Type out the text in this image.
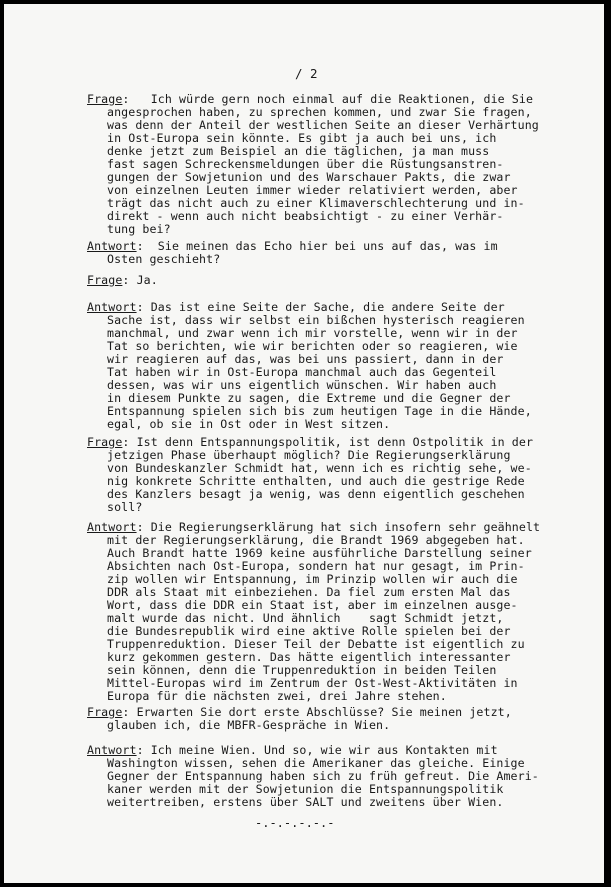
/ 2
Frage:   Ich würde gern noch einmal auf die Reaktionen, die Sie
angesprochen haben, zu sprechen kommen, und zwar Sie fragen,
was denn der Anteil der westlichen Seite an dieser Verhärtung
in Ost-Europa sein könnte. Es gibt ja auch bei uns, ich
denke jetzt zum Beispiel an die täglichen, ja man muss
fast sagen Schreckensmeldungen über die Rüstungsanstren-
gungen der Sowjetunion und des Warschauer Pakts, die zwar
von einzelnen Leuten immer wieder relativiert werden, aber
trägt das nicht auch zu einer Klimaverschlechterung und in-
direkt - wenn auch nicht beabsichtigt - zu einer Verhär-
tung bei?
Antwort:  Sie meinen das Echo hier bei uns auf das, was im
Osten geschieht?
Frage: Ja.
Antwort: Das ist eine Seite der Sache, die andere Seite der
Sache ist, dass wir selbst ein bißchen hysterisch reagieren
manchmal, und zwar wenn ich mir vorstelle, wenn wir in der
Tat so berichten, wie wir berichten oder so reagieren, wie
wir reagieren auf das, was bei uns passiert, dann in der
Tat haben wir in Ost-Europa manchmal auch das Gegenteil
dessen, was wir uns eigentlich wünschen. Wir haben auch
in diesem Punkte zu sagen, die Extreme und die Gegner der
Entspannung spielen sich bis zum heutigen Tage in die Hände,
egal, ob sie in Ost oder in West sitzen.
Frage: Ist denn Entspannungspolitik, ist denn Ostpolitik in der
jetzigen Phase überhaupt möglich? Die Regierungserklärung
von Bundeskanzler Schmidt hat, wenn ich es richtig sehe, we-
nig konkrete Schritte enthalten, und auch die gestrige Rede
des Kanzlers besagt ja wenig, was denn eigentlich geschehen
soll?
Antwort: Die Regierungserklärung hat sich insofern sehr geähnelt
mit der Regierungserklärung, die Brandt 1969 abgegeben hat.
Auch Brandt hatte 1969 keine ausführliche Darstellung seiner
Absichten nach Ost-Europa, sondern hat nur gesagt, im Prin-
zip wollen wir Entspannung, im Prinzip wollen wir auch die
DDR als Staat mit einbeziehen. Da fiel zum ersten Mal das
Wort, dass die DDR ein Staat ist, aber im einzelnen ausge-
malt wurde das nicht. Und ähnlich    sagt Schmidt jetzt,
die Bundesrepublik wird eine aktive Rolle spielen bei der
Truppenreduktion. Dieser Teil der Debatte ist eigentlich zu
kurz gekommen gestern. Das hätte eigentlich interessanter
sein können, denn die Truppenreduktion in beiden Teilen
Mittel-Europas wird im Zentrum der Ost-West-Aktivitäten in
Europa für die nächsten zwei, drei Jahre stehen.
Frage: Erwarten Sie dort erste Abschlüsse? Sie meinen jetzt,
glauben ich, die MBFR-Gespräche in Wien.
Antwort: Ich meine Wien. Und so, wie wir aus Kontakten mit
Washington wissen, sehen die Amerikaner das gleiche. Einige
Gegner der Entspannung haben sich zu früh gefreut. Die Ameri-
kaner werden mit der Sowjetunion die Entspannungspolitik
weitertreiben, erstens über SALT und zweitens über Wien.
-.-.-.-.-.-
